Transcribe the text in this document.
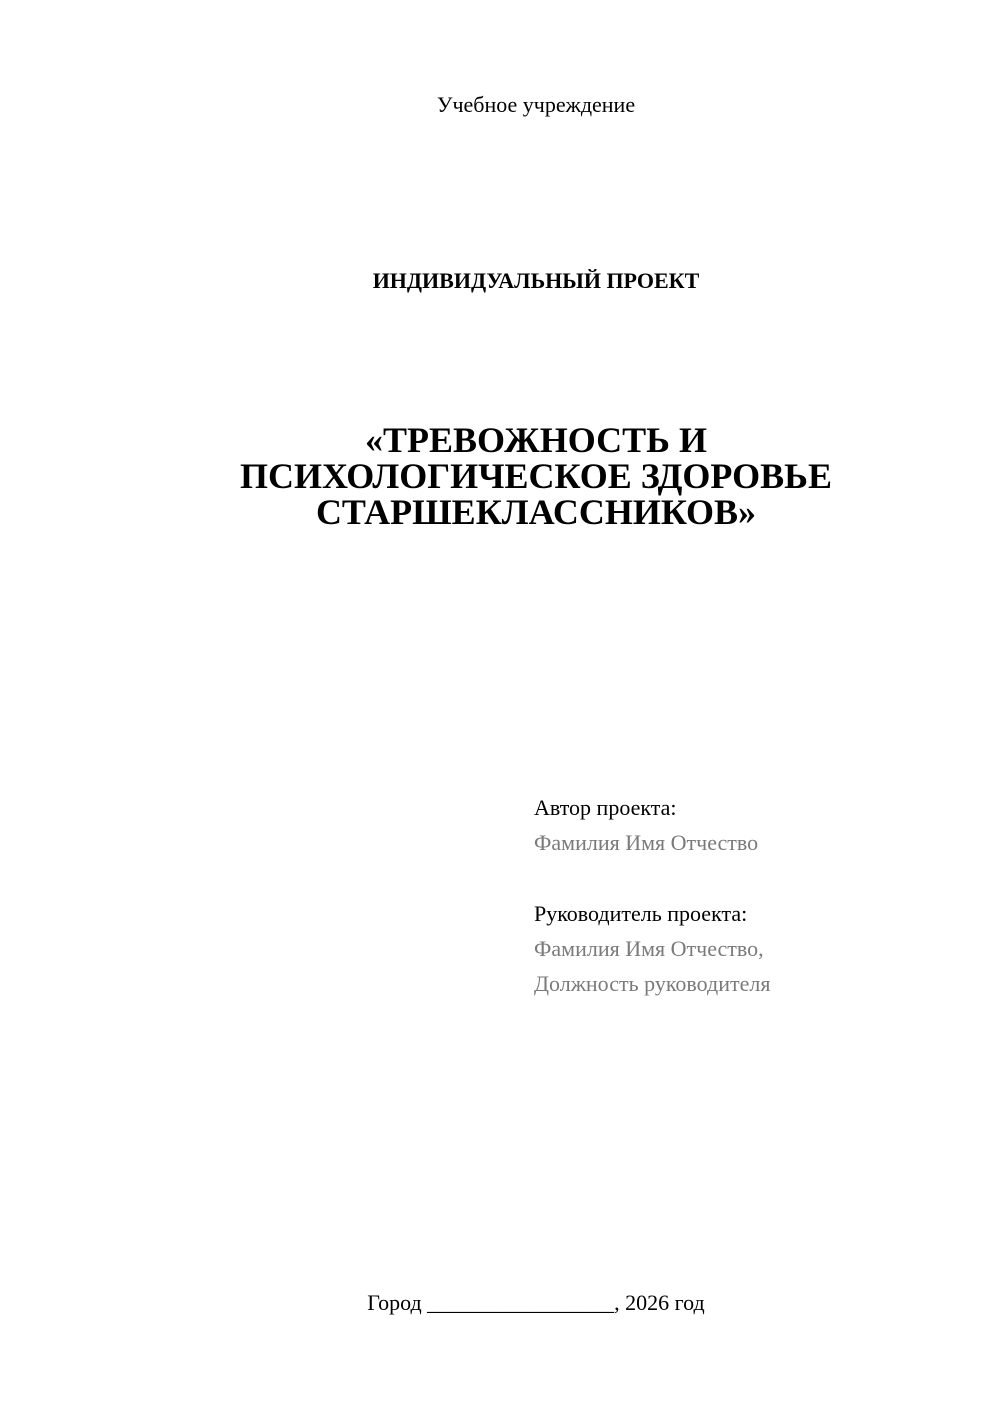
Учебное учреждение
ИНДИВИДУАЛЬНЫЙ ПРОЕКТ
«ТРЕВОЖНОСТЬ И
ПСИХОЛОГИЧЕСКОЕ ЗДОРОВЬЕ
СТАРШЕКЛАССНИКОВ»
Автор проекта:
Фамилия Имя Отчество
Руководитель проекта:
Фамилия Имя Отчество,
Должность руководителя
Город _________________, 2026 год
